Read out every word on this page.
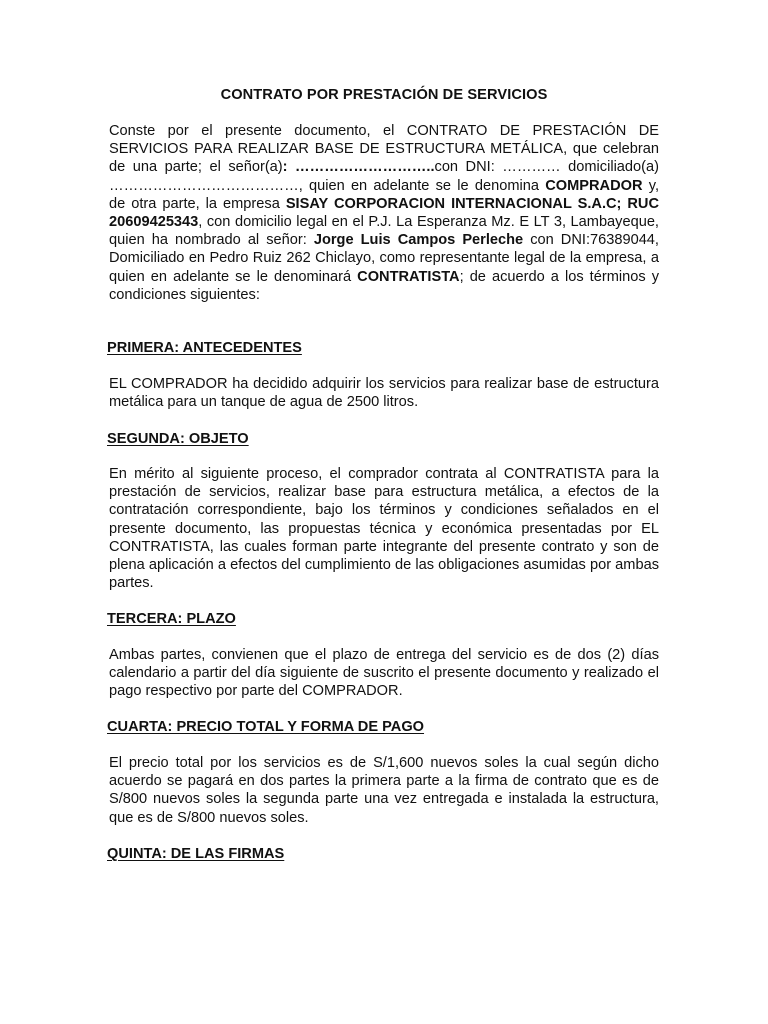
CONTRATO POR PRESTACIÓN DE SERVICIOS

Conste por el presente documento, el CONTRATO DE PRESTACIÓN DE SERVICIOS PARA REALIZAR BASE DE ESTRUCTURA METÁLICA, que celebran de una parte; el señor(a): ………………………..con DNI: ………… domiciliado(a) …………………………………, quien en adelante se le denomina COMPRADOR y, de otra parte, la empresa SISAY CORPORACION INTERNACIONAL S.A.C; RUC 20609425343, con domicilio legal en el P.J. La Esperanza Mz. E LT 3, Lambayeque, quien ha nombrado al señor: Jorge Luis Campos Perleche con DNI:76389044, Domiciliado en Pedro Ruiz 262 Chiclayo, como representante legal de la empresa, a quien en adelante se le denominará CONTRATISTA; de acuerdo a los términos y condiciones siguientes:

PRIMERA: ANTECEDENTES

EL COMPRADOR ha decidido adquirir los servicios para realizar base de estructura metálica para un tanque de agua de 2500 litros.

SEGUNDA: OBJETO

En mérito al siguiente proceso, el comprador contrata al CONTRATISTA para la prestación de servicios, realizar base para estructura metálica, a efectos de la contratación correspondiente, bajo los términos y condiciones señalados en el presente documento, las propuestas técnica y económica presentadas por EL CONTRATISTA, las cuales forman parte integrante del presente contrato y son de plena aplicación a efectos del cumplimiento de las obligaciones asumidas por ambas partes.

TERCERA: PLAZO

Ambas partes, convienen que el plazo de entrega del servicio es de dos (2) días calendario a partir del día siguiente de suscrito el presente documento y realizado el pago respectivo por parte del COMPRADOR.

CUARTA: PRECIO TOTAL Y FORMA DE PAGO

El precio total por los servicios es de S/1,600 nuevos soles la cual según dicho acuerdo se pagará en dos partes la primera parte a la firma de contrato que es de S/800 nuevos soles la segunda parte una vez entregada e instalada la estructura, que es de S/800 nuevos soles.

QUINTA: DE LAS FIRMAS
